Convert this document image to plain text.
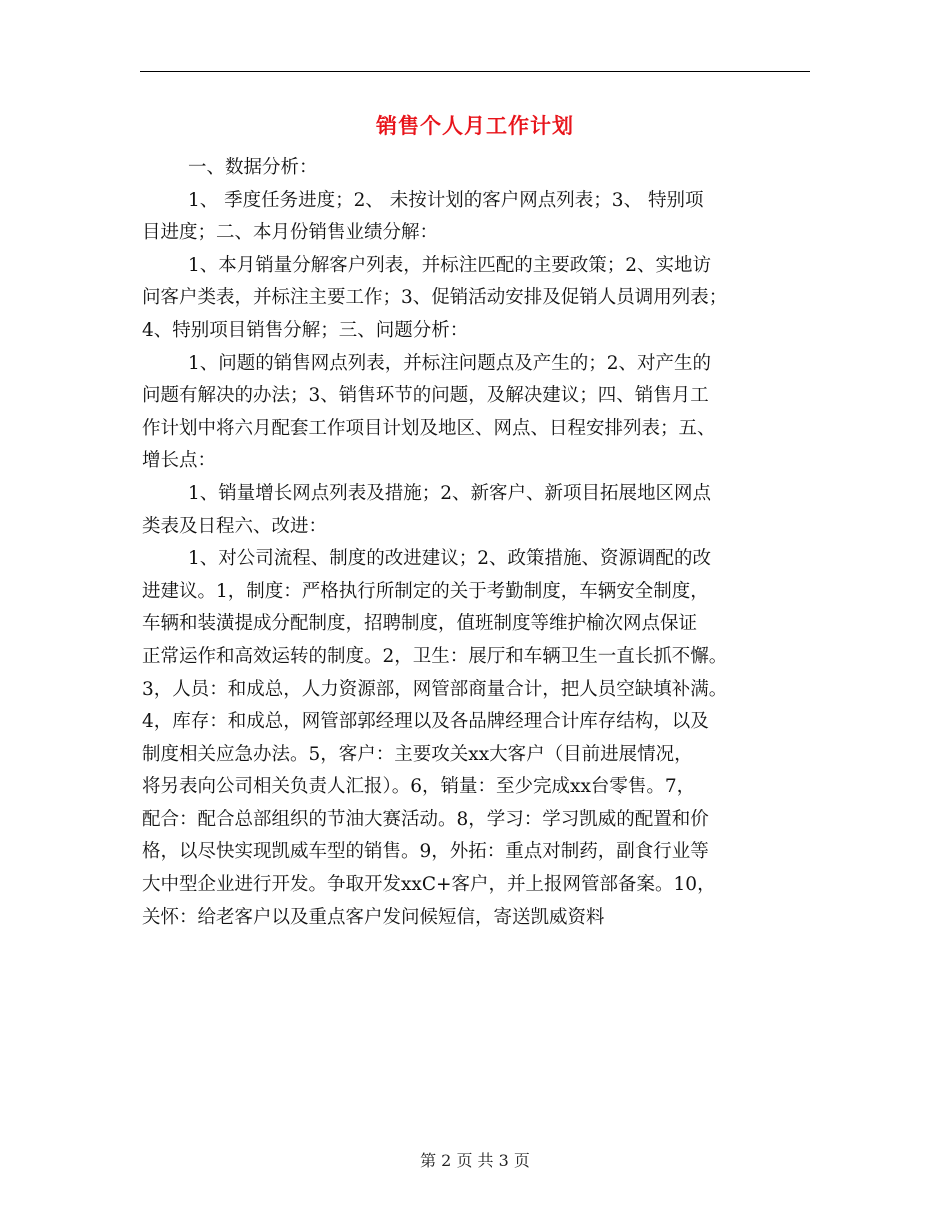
销售个人月工作计划
一、数据分析：
1、 季度任务进度；2、 未按计划的客户网点列表；3、 特别项
目进度；二、本月份销售业绩分解：
1、本月销量分解客户列表，并标注匹配的主要政策；2、实地访
问客户类表，并标注主要工作；3、促销活动安排及促销人员调用列表；
4、特别项目销售分解；三、问题分析：
1、问题的销售网点列表，并标注问题点及产生的；2、对产生的
问题有解决的办法；3、销售环节的问题，及解决建议；四、销售月工
作计划中将六月配套工作项目计划及地区、网点、日程安排列表；五、
增长点：
1、销量增长网点列表及措施；2、新客户、新项目拓展地区网点
类表及日程六、改进：
1、对公司流程、制度的改进建议；2、政策措施、资源调配的改
进建议。1，制度：严格执行所制定的关于考勤制度，车辆安全制度，
车辆和装潢提成分配制度，招聘制度，值班制度等维护榆次网点保证
正常运作和高效运转的制度。2，卫生：展厅和车辆卫生一直长抓不懈。
3，人员：和成总，人力资源部，网管部商量合计，把人员空缺填补满。
4，库存：和成总，网管部郭经理以及各品牌经理合计库存结构，以及
制度相关应急办法。5，客户：主要攻关xx大客户（目前进展情况，
将另表向公司相关负责人汇报）。6，销量：至少完成xx台零售。7，
配合：配合总部组织的节油大赛活动。8，学习：学习凯威的配置和价
格，以尽快实现凯威车型的销售。9，外拓：重点对制药，副食行业等
大中型企业进行开发。争取开发xxC+客户，并上报网管部备案。10，
关怀：给老客户以及重点客户发问候短信，寄送凯威资料
第 2 页 共 3 页
